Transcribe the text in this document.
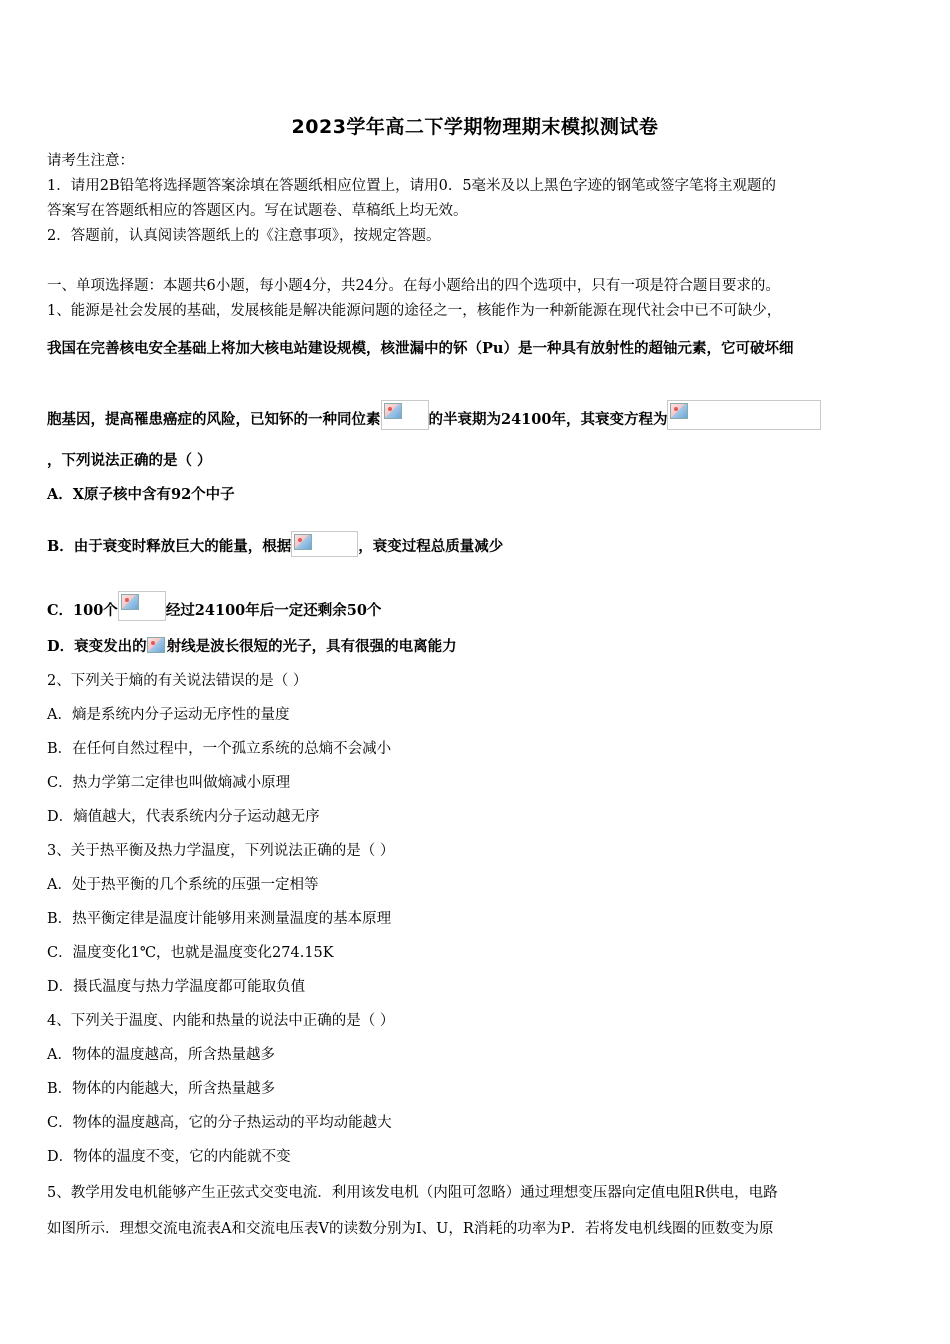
2023学年高二下学期物理期末模拟测试卷
请考生注意：
1．请用2B铅笔将选择题答案涂填在答题纸相应位置上，请用0．5毫米及以上黑色字迹的钢笔或签字笔将主观题的
答案写在答题纸相应的答题区内。写在试题卷、草稿纸上均无效。
2．答题前，认真阅读答题纸上的《注意事项》，按规定答题。
一、单项选择题：本题共6小题，每小题4分，共24分。在每小题给出的四个选项中，只有一项是符合题目要求的。
1、能源是社会发展的基础，发展核能是解决能源问题的途径之一，核能作为一种新能源在现代社会中已不可缺少，
我国在完善核电安全基础上将加大核电站建设规模，核泄漏中的钚（Pu）是一种具有放射性的超铀元素，它可破坏细
胞基因，提高罹患癌症的风险，已知钚的一种同位素	的半衰期为24100年，其衰变方程为
，下列说法正确的是（ ）
A．X原子核中含有92个中子
B．由于衰变时释放巨大的能量，根据	，衰变过程总质量减少
C．100个	经过24100年后一定还剩余50个
D．衰变发出的 射线是波长很短的光子，具有很强的电离能力
2、下列关于熵的有关说法错误的是（ ）
A．熵是系统内分子运动无序性的量度
B．在任何自然过程中，一个孤立系统的总熵不会减小
C．热力学第二定律也叫做熵减小原理
D．熵值越大，代表系统内分子运动越无序
3、关于热平衡及热力学温度，下列说法正确的是（ ）
A．处于热平衡的几个系统的压强一定相等
B．热平衡定律是温度计能够用来测量温度的基本原理
C．温度变化1℃，也就是温度变化274.15K
D．摄氏温度与热力学温度都可能取负值
4、下列关于温度、内能和热量的说法中正确的是（ ）
A．物体的温度越高，所含热量越多
B．物体的内能越大，所含热量越多
C．物体的温度越高，它的分子热运动的平均动能越大
D．物体的温度不变，它的内能就不变
5、教学用发电机能够产生正弦式交变电流．利用该发电机（内阻可忽略）通过理想变压器向定值电阻R供电，电路
如图所示．理想交流电流表A和交流电压表V的读数分别为I、U，R消耗的功率为P．若将发电机线圈的匝数变为原
